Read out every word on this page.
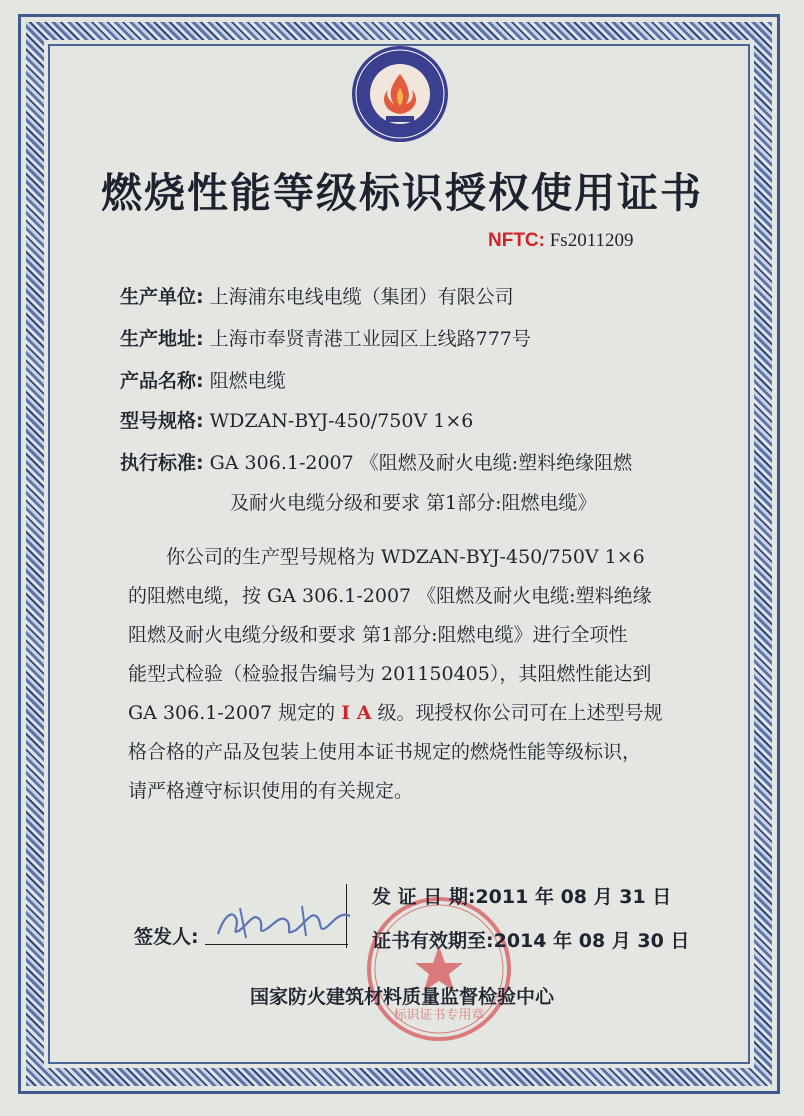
燃烧性能等级标识授权使用证书
NFTC: Fs2011209
生产单位: 上海浦东电线电缆（集团）有限公司
生产地址: 上海市奉贤青港工业园区上线路777号
产品名称: 阻燃电缆
型号规格: WDZAN-BYJ-450/750V 1×6
执行标准: GA 306.1-2007 《阻燃及耐火电缆:塑料绝缘阻燃
及耐火电缆分级和要求 第1部分:阻燃电缆》
你公司的生产型号规格为 WDZAN-BYJ-450/750V 1×6
的阻燃电缆，按 GA 306.1-2007 《阻燃及耐火电缆:塑料绝缘
阻燃及耐火电缆分级和要求 第1部分:阻燃电缆》进行全项性
能型式检验（检验报告编号为 201150405），其阻燃性能达到
GA 306.1-2007 规定的 I A 级。现授权你公司可在上述型号规
格合格的产品及包装上使用本证书规定的燃烧性能等级标识，
请严格遵守标识使用的有关规定。
标识证书专用章
签发人:
发 证 日 期:2011 年 08 月 31 日
证书有效期至:2014 年 08 月 30 日
国家防火建筑材料质量监督检验中心
